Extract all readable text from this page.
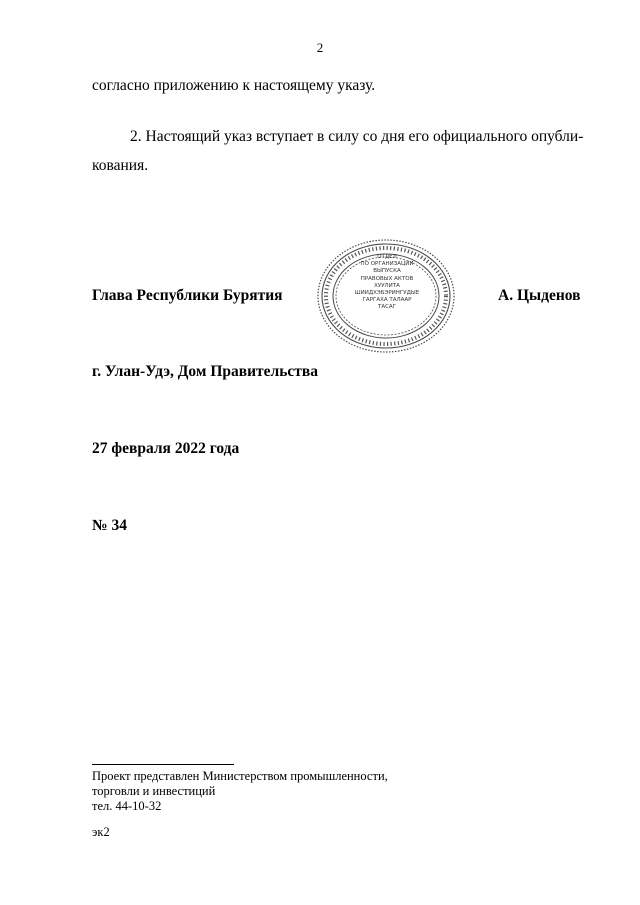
2
согласно приложению к настоящему указу.
2. Настоящий указ вступает в силу со дня его официального опубли-
кования.
Глава Республики Бурятия	А. Цыденов
ОТДЕЛ
ПО ОРГАНИЗАЦИИ
ВЫПУСКА
ПРАВОВЫХ АКТОВ
ХУУЛИТА
ШИИДХЭБЭРИНГУДЫЕ
ГАРГАХА ТАЛААР
ТАСАГ
г. Улан-Удэ, Дом Правительства
27 февраля 2022 года
№ 34
Проект представлен Министерством промышленности,
торговли и инвестиций
тел. 44-10-32
эк2
